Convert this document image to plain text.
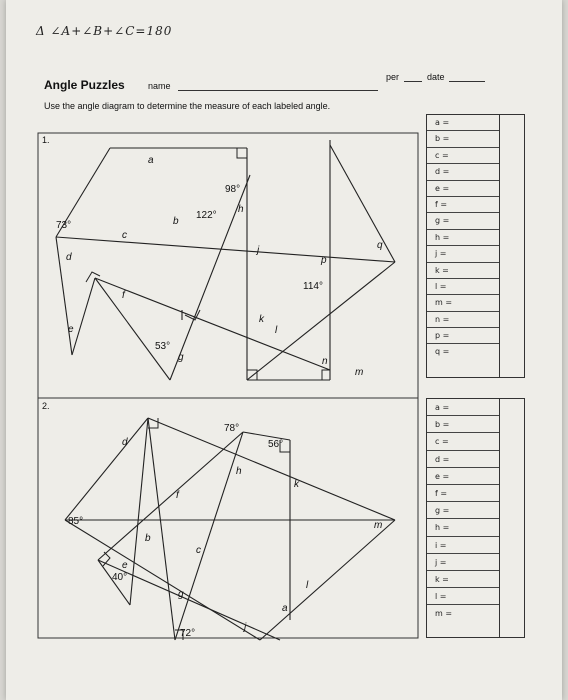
Δ ∠A+∠B+∠C=180
Angle Puzzles	name
per	date
Use the angle diagram to determine the measure of each labeled angle.
1.
2.
73°
98°
122°
53°
114°
a
b
c
d
e
f
g
h
j
k
l
m
n
p
q
78°
56°
85°
40°
72°
a
b
c
d
e
f
g
h
j
k
l
m
a =
b =
c =
d =
e =
f =
g =
h =
j =
k =
l =
m =
n =
p =
q =
a =
b =
c =
d =
e =
f =
g =
h =
i =
j =
k =
l =
m =
